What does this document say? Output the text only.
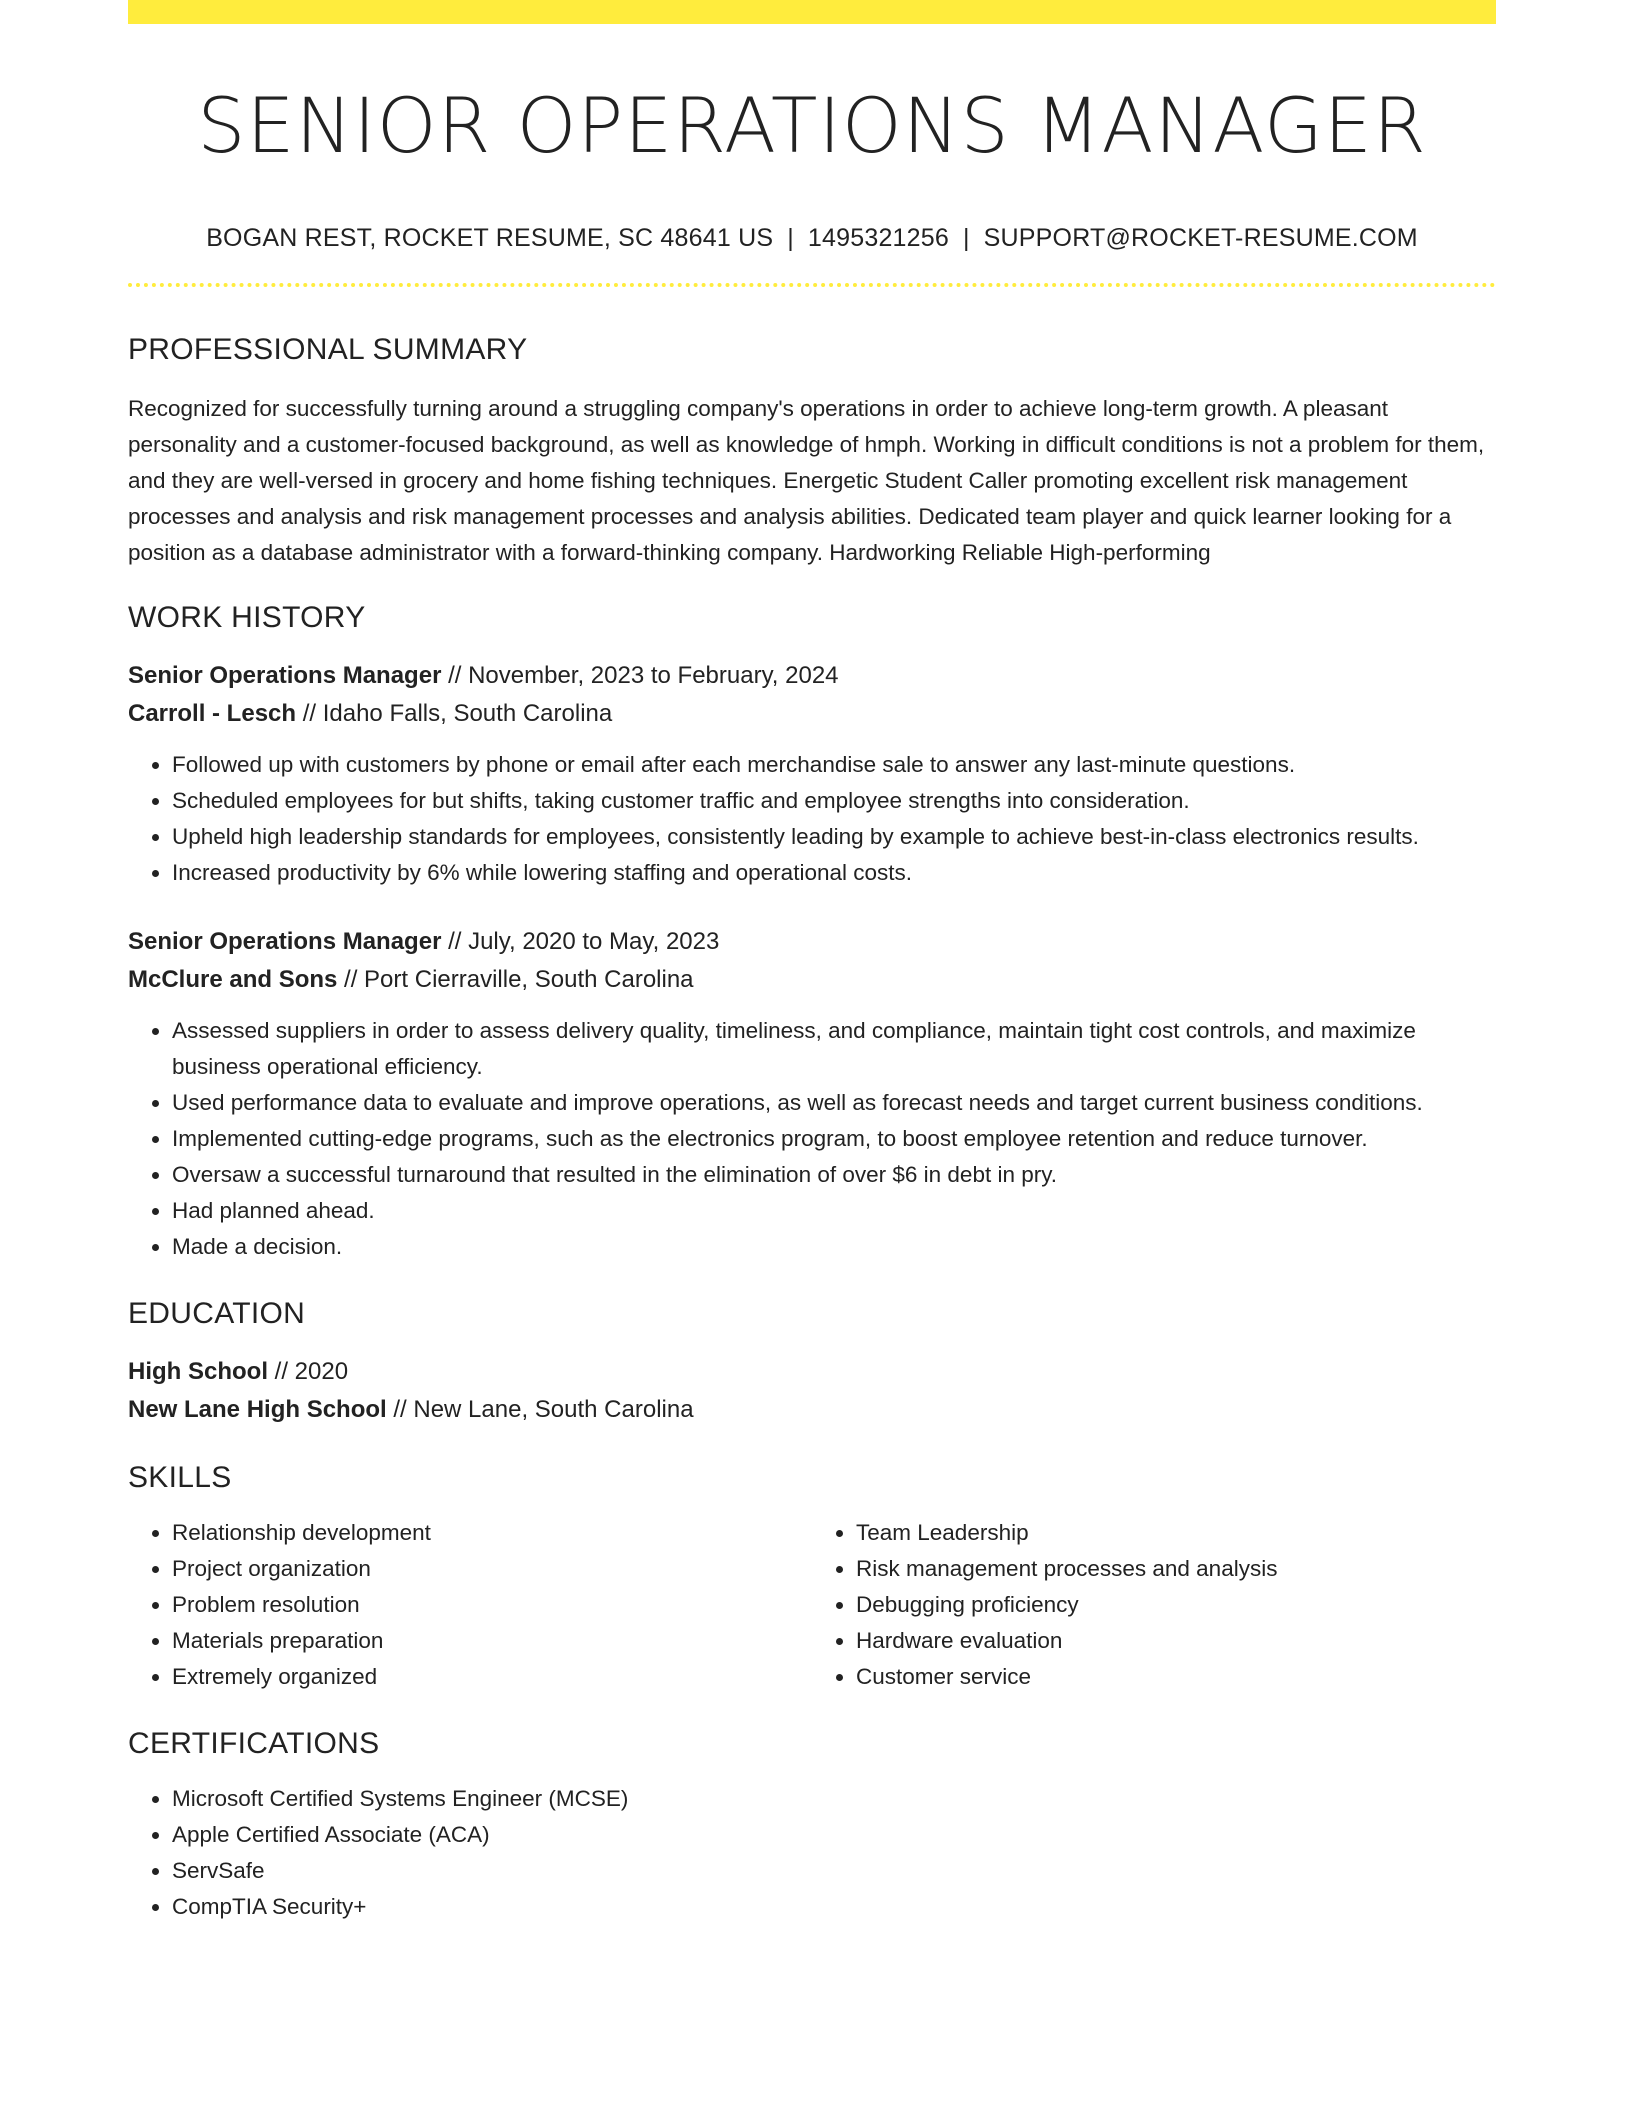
SENIOR OPERATIONS MANAGER
BOGAN REST, ROCKET RESUME, SC 48641 US | 1495321256 | SUPPORT@ROCKET-RESUME.COM
PROFESSIONAL SUMMARY
Recognized for successfully turning around a struggling company's operations in order to achieve long-term growth. A pleasant personality and a customer-focused background, as well as knowledge of hmph. Working in difficult conditions is not a problem for them, and they are well-versed in grocery and home fishing techniques. Energetic Student Caller promoting excellent risk management processes and analysis and risk management processes and analysis abilities. Dedicated team player and quick learner looking for a position as a database administrator with a forward-thinking company. Hardworking Reliable High-performing
WORK HISTORY
Senior Operations Manager // November, 2023 to February, 2024
Carroll - Lesch // Idaho Falls, South Carolina
• Followed up with customers by phone or email after each merchandise sale to answer any last-minute questions.
• Scheduled employees for but shifts, taking customer traffic and employee strengths into consideration.
• Upheld high leadership standards for employees, consistently leading by example to achieve best-in-class electronics results.
• Increased productivity by 6% while lowering staffing and operational costs.
Senior Operations Manager // July, 2020 to May, 2023
McClure and Sons // Port Cierraville, South Carolina
• Assessed suppliers in order to assess delivery quality, timeliness, and compliance, maintain tight cost controls, and maximize business operational efficiency.
• Used performance data to evaluate and improve operations, as well as forecast needs and target current business conditions.
• Implemented cutting-edge programs, such as the electronics program, to boost employee retention and reduce turnover.
• Oversaw a successful turnaround that resulted in the elimination of over $6 in debt in pry.
• Had planned ahead.
• Made a decision.
EDUCATION
High School // 2020
New Lane High School // New Lane, South Carolina
SKILLS
• Relationship development
• Project organization
• Problem resolution
• Materials preparation
• Extremely organized
• Team Leadership
• Risk management processes and analysis
• Debugging proficiency
• Hardware evaluation
• Customer service
CERTIFICATIONS
• Microsoft Certified Systems Engineer (MCSE)
• Apple Certified Associate (ACA)
• ServSafe
• CompTIA Security+
